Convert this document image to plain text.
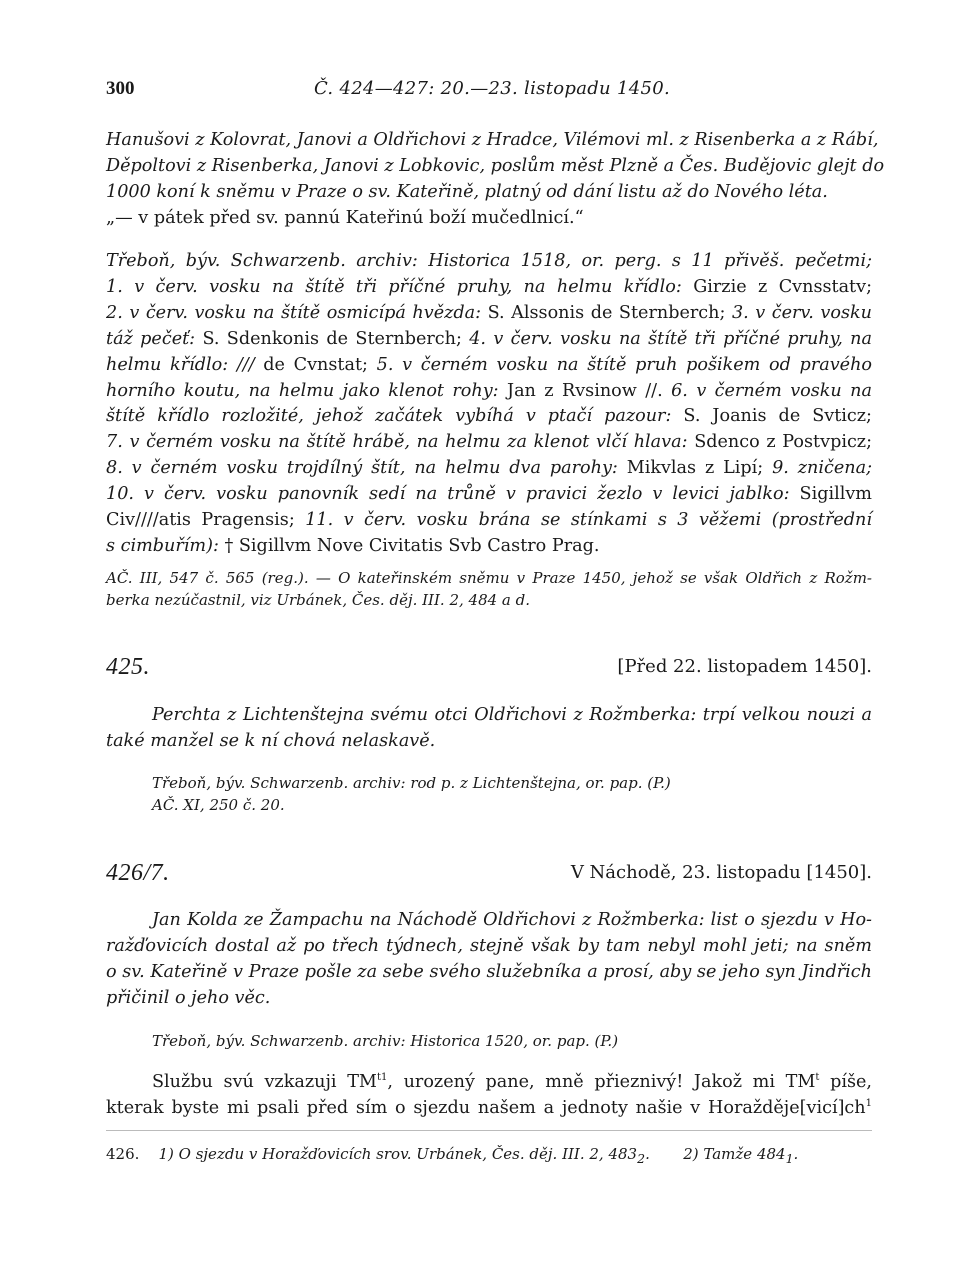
300	Č. 424—427: 20.—23. listopadu 1450.

Hanušovi z Kolovrat, Janovi a Oldřichovi z Hradce, Vilémovi ml. z Risenberka a z Rábí,
Děpoltovi z Risenberka, Janovi z Lobkovic, poslům měst Plzně a Čes. Budějovic glejt do
1000 koní k sněmu v Praze o sv. Kateřině, platný od dání listu až do Nového léta.
„— v pátek před sv. pannú Kateřinú boží mučedlnicí.“

Třeboň, býv. Schwarzenb. archiv: Historica 1518, or. perg. s 11 přivěš. pečetmi;
1. v červ. vosku na štítě tři příčné pruhy, na helmu křídlo: Girzie z Cvnsstatv;
2. v červ. vosku na štítě osmicípá hvězda: S. Alssonis de Sternberch; 3. v červ. vosku
táž pečeť: S. Sdenkonis de Sternberch; 4. v červ. vosku na štítě tři příčné pruhy, na
helmu křídlo: /// de Cvnstat; 5. v černém vosku na štítě pruh pošikem od pravého
horního koutu, na helmu jako klenot rohy: Jan z Rvsinow //. 6. v černém vosku na
štítě křídlo rozložité, jehož začátek vybíhá v ptačí pazour: S. Joanis de Svticz;
7. v černém vosku na štítě hrábě, na helmu za klenot vlčí hlava: Sdenco z Postvpicz;
8. v černém vosku trojdílný štít, na helmu dva parohy: Mikvlas z Lipí; 9. zničena;
10. v červ. vosku panovník sedí na trůně v pravici žezlo v levici jablko: Sigillvm
Civ////atis Pragensis; 11. v červ. vosku brána se stínkami s 3 věžemi (prostřední
s cimbuřím): † Sigillvm Nove Civitatis Svb Castro Prag.

AČ. III, 547 č. 565 (reg.). — O kateřinském sněmu v Praze 1450, jehož se však Oldřich z Rožm-
berka nezúčastnil, viz Urbánek, Čes. děj. III. 2, 484 a d.

425.	[Před 22. listopadem 1450].

Perchta z Lichtenštejna svému otci Oldřichovi z Rožmberka: trpí velkou nouzi a
také manžel se k ní chová nelaskavě.

Třeboň, býv. Schwarzenb. archiv: rod p. z Lichtenštejna, or. pap. (P.)
AČ. XI, 250 č. 20.

426/7.	V Náchodě, 23. listopadu [1450].

Jan Kolda ze Žampachu na Náchodě Oldřichovi z Rožmberka: list o sjezdu v Ho-
ražďovicích dostal až po třech týdnech, stejně však by tam nebyl mohl jeti; na sněm
o sv. Kateřině v Praze pošle za sebe svého služebníka a prosí, aby se jeho syn Jindřich
přičinil o jeho věc.

Třeboň, býv. Schwarzenb. archiv: Historica 1520, or. pap. (P.)

Službu svú vzkazuji $TM^{t1}$, urozený pane, mně přieznivý! Jakož mi $TM^t$ píše,
kterak byste mi psali před sím o sjezdu našem a jednoty našie v $Horažděje[vicí]ch^1$

426. 1) O sjezdu v Horažďovicích srov. Urbánek, Čes. děj. III. 2, $483_2$. 2) Tamže $484_1$.
